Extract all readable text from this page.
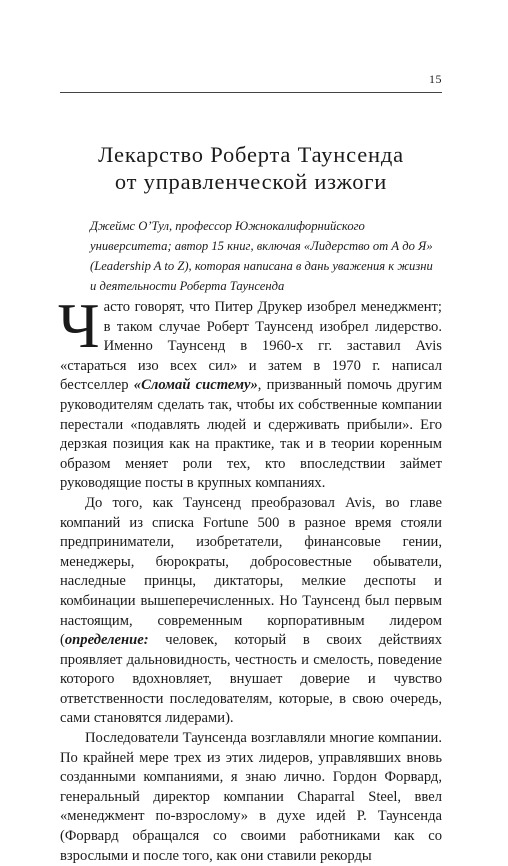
15
Лекарство Роберта Таунсенда
от управленческой изжоги

Джеймс О’Тул, профессор Южнокалифорнийского университета; автор 15 книг, включая «Лидерство от А до Я» (Leadership A to Z), которая написана в дань уважения к жизни и деятельности Роберта Таунсенда

Часто говорят, что Питер Друкер изобрел менеджмент; в таком случае Роберт Таунсенд изобрел лидерство. Именно Таунсенд в 1960-х гг. заставил Avis «стараться изо всех сил» и затем в 1970 г. написал бестселлер «Сломай систему», призванный помочь другим руководителям сделать так, чтобы их собственные компании перестали «подавлять людей и сдерживать прибыли». Его дерзкая позиция как на практике, так и в теории коренным образом меняет роли тех, кто впоследствии займет руководящие посты в крупных компаниях.

До того, как Таунсенд преобразовал Avis, во главе компаний из списка Fortune 500 в разное время стояли предприниматели, изобретатели, финансовые гении, менеджеры, бюрократы, добросовестные обыватели, наследные принцы, диктаторы, мелкие деспоты и комбинации вышеперечисленных. Но Таунсенд был первым настоящим, современным корпоративным лидером (определение: человек, который в своих действиях проявляет дальновидность, честность и смелость, поведение которого вдохновляет, внушает доверие и чувство ответственности последователям, которые, в свою очередь, сами становятся лидерами).

Последователи Таунсенда возглавляли многие компании. По крайней мере трех из этих лидеров, управлявших вновь созданными компаниями, я знаю лично. Гордон Форвард, генеральный директор компании Chaparral Steel, ввел «менеджмент по-взрослому» в духе идей Р. Таунсенда (Форвард обращался со своими работниками как со взрослыми и после того, как они ставили рекорды
